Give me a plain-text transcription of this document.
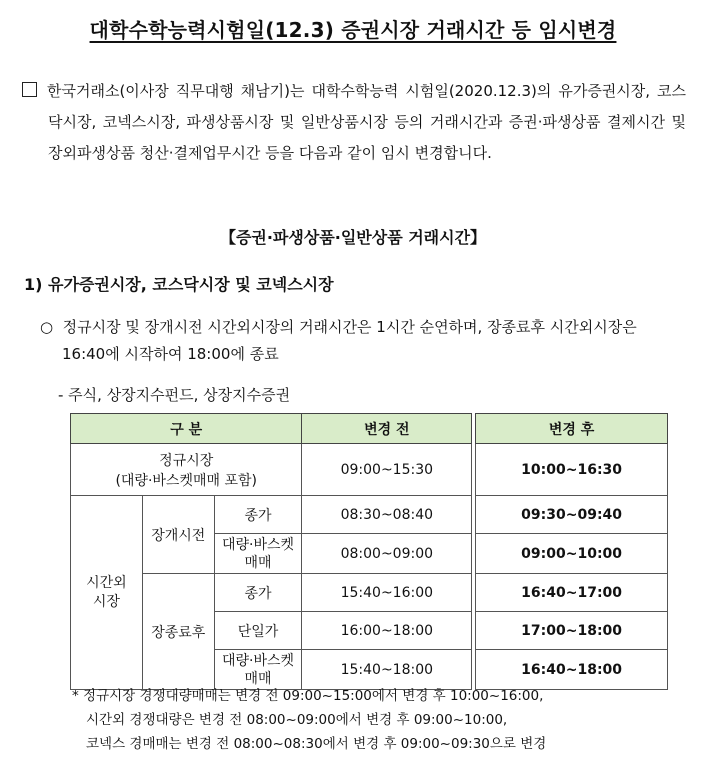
대학수학능력시험일(12.3) 증권시장 거래시간 등 임시변경

한국거래소(이사장 직무대행 채남기)는 대학수학능력 시험일(2020.12.3)의 유가증권시장, 코스닥시장, 코넥스시장, 파생상품시장 및 일반상품시장 등의 거래시간과 증권·파생상품 결제시간 및 장외파생상품 청산·결제업무시간 등을 다음과 같이 임시 변경합니다.

【증권·파생상품·일반상품 거래시간】
1) 유가증권시장, 코스닥시장 및 코넥스시장

○ 정규시장 및 장개시전 시간외시장의 거래시간은 1시간 순연하며, 장종료후 시간외시장은 16:40에 시작하여 18:00에 종료

- 주식, 상장지수펀드, 상장지수증권
구 분			변경 전		변경 후

정규시장
(대량·바스켓매매 포함)			09:00~15:30		10:00~16:30
시간외
시장	장개시전	종가	08:30~08:40		09:30~09:40
		대량·바스켓
매매	08:00~09:00		09:00~10:00
	장종료후	종가	15:40~16:00		16:40~17:00
		단일가	16:00~18:00		17:00~18:00
		대량·바스켓
매매	15:40~18:00		16:40~18:00

* 정규시장 경쟁대량매매는 변경 전 09:00~15:00에서 변경 후 10:00~16:00,

시간외 경쟁대량은 변경 전 08:00~09:00에서 변경 후 09:00~10:00,

코넥스 경매매는 변경 전 08:00~08:30에서 변경 후 09:00~09:30으로 변경
